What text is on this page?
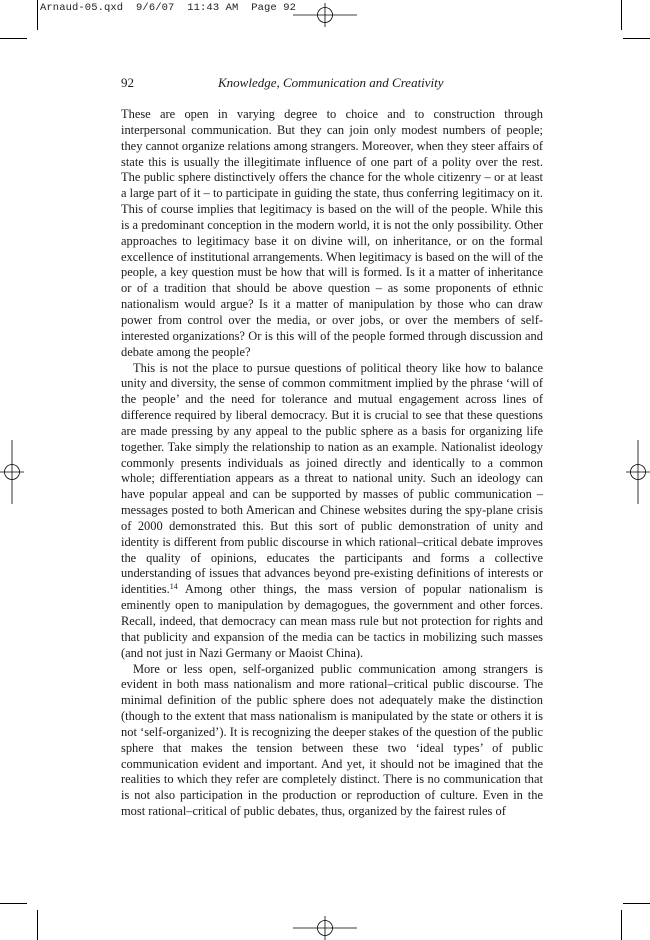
Arnaud-05.qxd  9/6/07  11:43 AM  Page 92
92	Knowledge, Communication and Creativity

These are open in varying degree to choice and to construction through interpersonal communication. But they can join only modest numbers of people; they cannot organize relations among strangers. Moreover, when they steer affairs of state this is usually the illegitimate influence of one part of a polity over the rest. The public sphere distinctively offers the chance for the whole citizenry – or at least a large part of it – to participate in guiding the state, thus conferring legitimacy on it. This of course implies that legitimacy is based on the will of the people. While this is a predominant conception in the modern world, it is not the only possibility. Other approaches to legitimacy base it on divine will, on inheritance, or on the formal excellence of institutional arrangements. When legitimacy is based on the will of the people, a key question must be how that will is formed. Is it a matter of inheritance or of a tradition that should be above question – as some proponents of ethnic nationalism would argue? Is it a matter of manipulation by those who can draw power from control over the media, or over jobs, or over the members of self-interested organizations? Or is this will of the people formed through discussion and debate among the people?

This is not the place to pursue questions of political theory like how to balance unity and diversity, the sense of common commitment implied by the phrase ‘will of the people’ and the need for tolerance and mutual engagement across lines of difference required by liberal democracy. But it is crucial to see that these questions are made pressing by any appeal to the public sphere as a basis for organizing life together. Take simply the relationship to nation as an example. Nationalist ideology commonly presents individuals as joined directly and identically to a common whole; differentiation appears as a threat to national unity. Such an ideology can have popular appeal and can be supported by masses of public communication – messages posted to both American and Chinese websites during the spy-plane crisis of 2000 demonstrated this. But this sort of public demonstration of unity and identity is different from public discourse in which rational–critical debate improves the quality of opinions, educates the participants and forms a collective understanding of issues that advances beyond pre-existing definitions of interests or identities.$^{14}$ Among other things, the mass version of popular nationalism is eminently open to manipulation by demagogues, the government and other forces. Recall, indeed, that democracy can mean mass rule but not protection for rights and that publicity and expansion of the media can be tactics in mobilizing such masses (and not just in Nazi Germany or Maoist China).

More or less open, self-organized public communication among strangers is evident in both mass nationalism and more rational–critical public discourse. The minimal definition of the public sphere does not adequately make the distinction (though to the extent that mass nationalism is manipulated by the state or others it is not ‘self-organized’). It is recognizing the deeper stakes of the question of the public sphere that makes the tension between these two ‘ideal types’ of public communication evident and important. And yet, it should not be imagined that the realities to which they refer are completely distinct. There is no communication that is not also participation in the production or reproduction of culture. Even in the most rational–critical of public debates, thus, organized by the fairest rules of
